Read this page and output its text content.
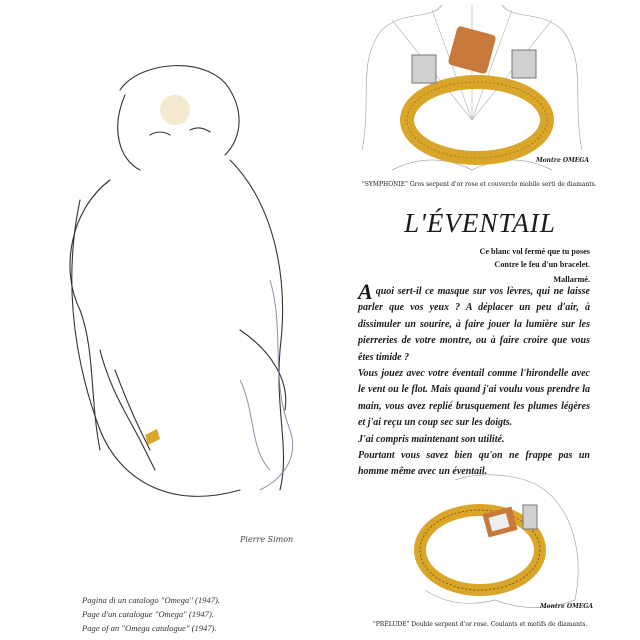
Pierre Simon
Montre OMEGA
"SYMPHONIE" Gros serpent d'or rose et couvercle mobile serti de diamants.
L'ÉVENTAIL
Ce blanc vol fermé que tu poses
Contre le feu d'un bracelet.
Mallarmé.

A quoi sert-il ce masque sur vos lèvres, qui ne laisse parler que vos yeux ? A déplacer un peu d'air, à dissimuler un sourire, à faire jouer la lumière sur les pierreries de votre montre, ou à faire croire que vous êtes timide ?

Vous jouez avec votre éventail comme l'hirondelle avec le vent ou le flot. Mais quand j'ai voulu vous prendre la main, vous avez replié brusquement les plumes légères et j'ai reçu un coup sec sur les doigts.

J'ai compris maintenant son utilité.

Pourtant vous savez bien qu'on ne frappe pas un homme même avec un éventail.

Montre OMEGA
"PRÉLUDE" Double serpent d'or rose. Coulants et motifs de diamants.
Pagina di un catalogo "Omega" (1947).
Page d'un catalogue "Omega" (1947).
Page of an "Omega catalogue" (1947).
